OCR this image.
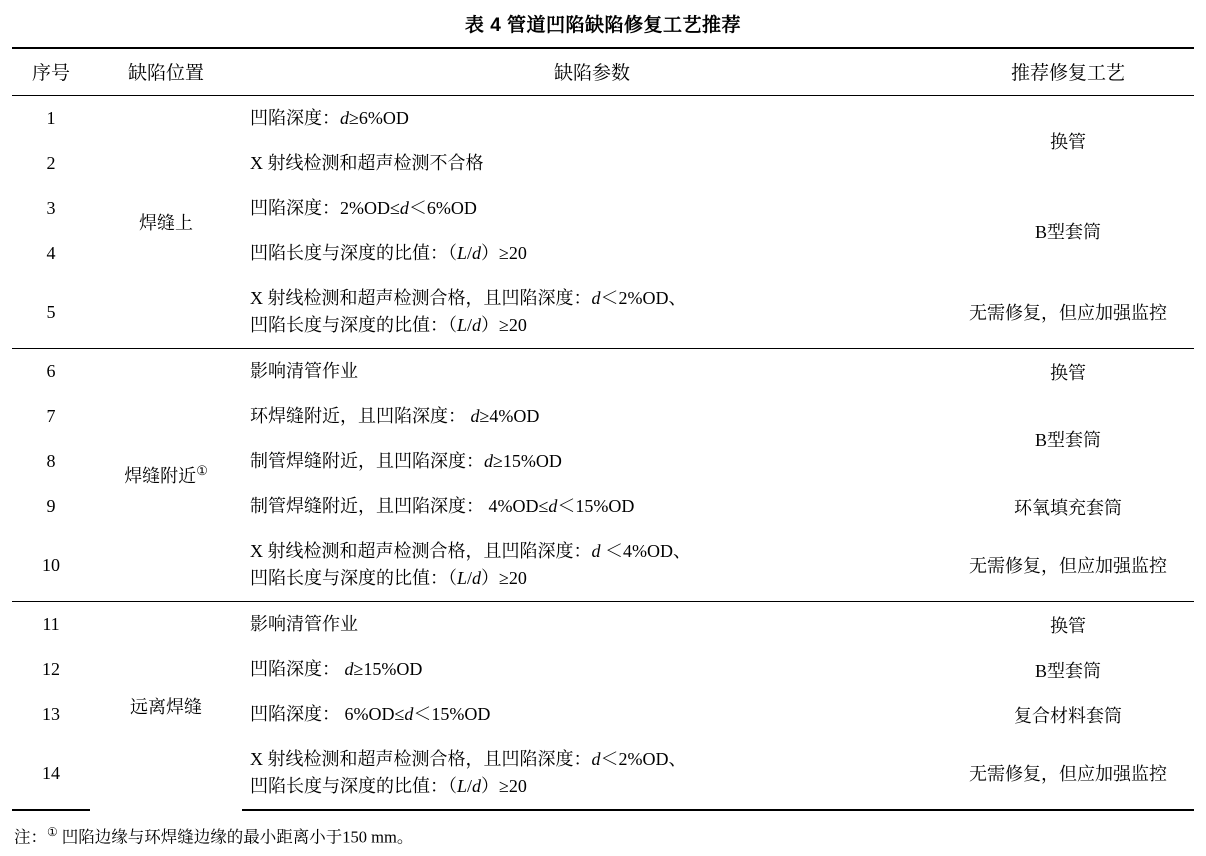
表 4 管道凹陷缺陷修复工艺推荐
序号	缺陷位置	缺陷参数	推荐修复工艺
1	焊缝上	凹陷深度：d≥6%OD	换管
2		X 射线检测和超声检测不合格	
3		凹陷深度：2%OD≤d＜6%OD	B型套筒
4		凹陷长度与深度的比值：（L/d）≥20	
5		X 射线检测和超声检测合格，且凹陷深度：d＜2%OD、
凹陷长度与深度的比值：（L/d）≥20	无需修复，但应加强监控
6	焊缝附近①	影响清管作业	换管
7		环焊缝附近，且凹陷深度： d≥4%OD	B型套筒
8		制管焊缝附近，且凹陷深度：d≥15%OD	
9		制管焊缝附近，且凹陷深度： 4%OD≤d＜15%OD	环氧填充套筒
10		X 射线检测和超声检测合格，且凹陷深度：d ＜4%OD、
凹陷长度与深度的比值：（L/d）≥20	无需修复，但应加强监控
11	远离焊缝	影响清管作业	换管
12		凹陷深度： d≥15%OD	B型套筒
13		凹陷深度： 6%OD≤d＜15%OD	复合材料套筒
14		X 射线检测和超声检测合格，且凹陷深度：d＜2%OD、
凹陷长度与深度的比值：（L/d）≥20	无需修复，但应加强监控
注：① 凹陷边缘与环焊缝边缘的最小距离小于150 mm。
